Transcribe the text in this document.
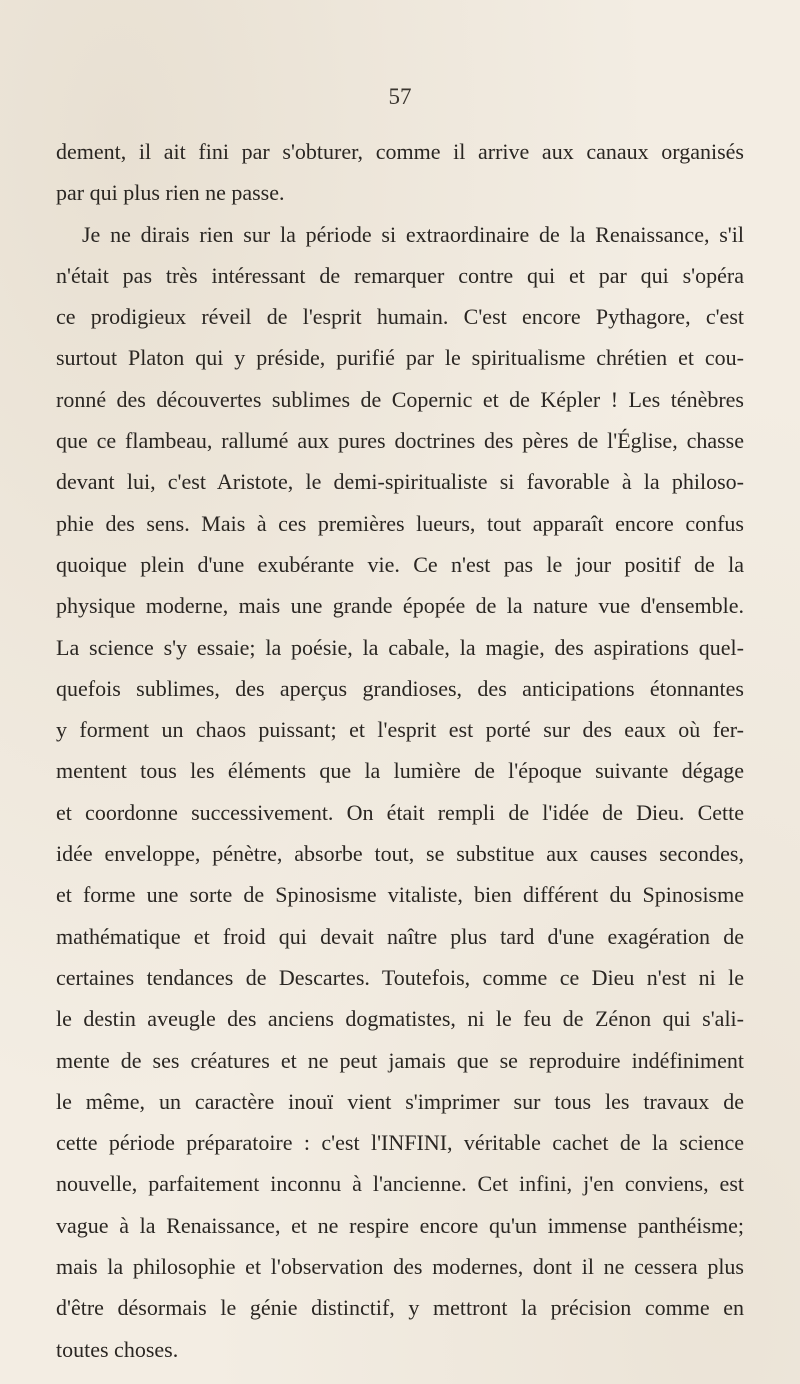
57
dement, il ait fini par s'obturer, comme il arrive aux canaux organisés
par qui plus rien ne passe.
Je ne dirais rien sur la période si extraordinaire de la Renaissance, s'il
n'était pas très intéressant de remarquer contre qui et par qui s'opéra
ce prodigieux réveil de l'esprit humain. C'est encore Pythagore, c'est
surtout Platon qui y préside, purifié par le spiritualisme chrétien et cou-
ronné des découvertes sublimes de Copernic et de Képler ! Les ténèbres
que ce flambeau, rallumé aux pures doctrines des pères de l'Église, chasse
devant lui, c'est Aristote, le demi-spiritualiste si favorable à la philoso-
phie des sens. Mais à ces premières lueurs, tout apparaît encore confus
quoique plein d'une exubérante vie. Ce n'est pas le jour positif de la
physique moderne, mais une grande épopée de la nature vue d'ensemble.
La science s'y essaie; la poésie, la cabale, la magie, des aspirations quel-
quefois sublimes, des aperçus grandioses, des anticipations étonnantes
y forment un chaos puissant; et l'esprit est porté sur des eaux où fer-
mentent tous les éléments que la lumière de l'époque suivante dégage
et coordonne successivement. On était rempli de l'idée de Dieu. Cette
idée enveloppe, pénètre, absorbe tout, se substitue aux causes secondes,
et forme une sorte de Spinosisme vitaliste, bien différent du Spinosisme
mathématique et froid qui devait naître plus tard d'une exagération de
certaines tendances de Descartes. Toutefois, comme ce Dieu n'est ni le
le destin aveugle des anciens dogmatistes, ni le feu de Zénon qui s'ali-
mente de ses créatures et ne peut jamais que se reproduire indéfiniment
le même, un caractère inouï vient s'imprimer sur tous les travaux de
cette période préparatoire : c'est l'INFINI, véritable cachet de la science
nouvelle, parfaitement inconnu à l'ancienne. Cet infini, j'en conviens, est
vague à la Renaissance, et ne respire encore qu'un immense panthéisme;
mais la philosophie et l'observation des modernes, dont il ne cessera plus
d'être désormais le génie distinctif, y mettront la précision comme en
toutes choses.
